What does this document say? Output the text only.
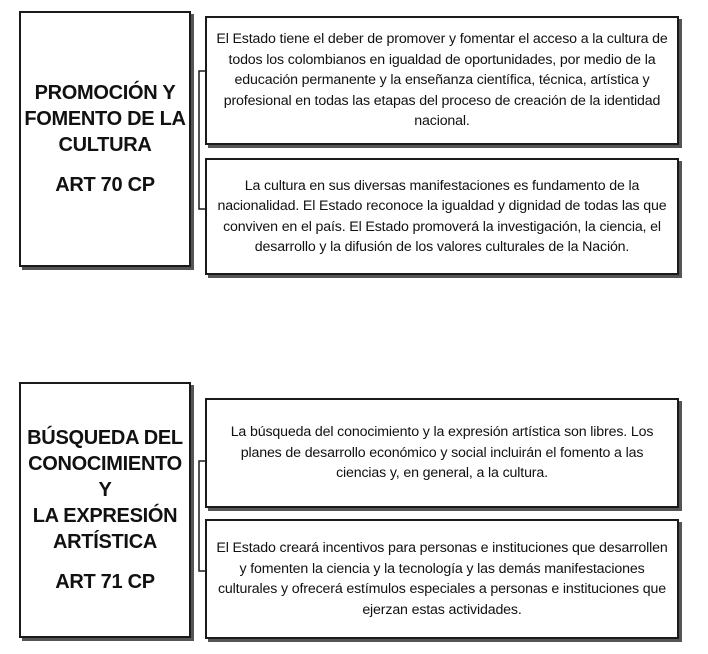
PROMOCIÓN Y
FOMENTO DE LA
CULTURA
ART 70 CP
El Estado tiene el deber de promover y fomentar el acceso a la cultura de todos los colombianos en igualdad de oportunidades, por medio de la educación permanente y la enseñanza científica, técnica, artística y profesional en todas las etapas del proceso de creación de la identidad nacional.
La cultura en sus diversas manifestaciones es fundamento de la nacionalidad. El Estado reconoce la igualdad y dignidad de todas las que conviven en el país. El Estado promoverá la investigación, la ciencia, el desarrollo y la difusión de los valores culturales de la Nación.
BÚSQUEDA DEL
CONOCIMIENTO Y
LA EXPRESIÓN
ARTÍSTICA
ART 71 CP
La búsqueda del conocimiento y la expresión artística son libres. Los planes de desarrollo económico y social incluirán el fomento a las ciencias y, en general, a la cultura.
El Estado creará incentivos para personas e instituciones que desarrollen y fomenten la ciencia y la tecnología y las demás manifestaciones culturales y ofrecerá estímulos especiales a personas e instituciones que ejerzan estas actividades.
